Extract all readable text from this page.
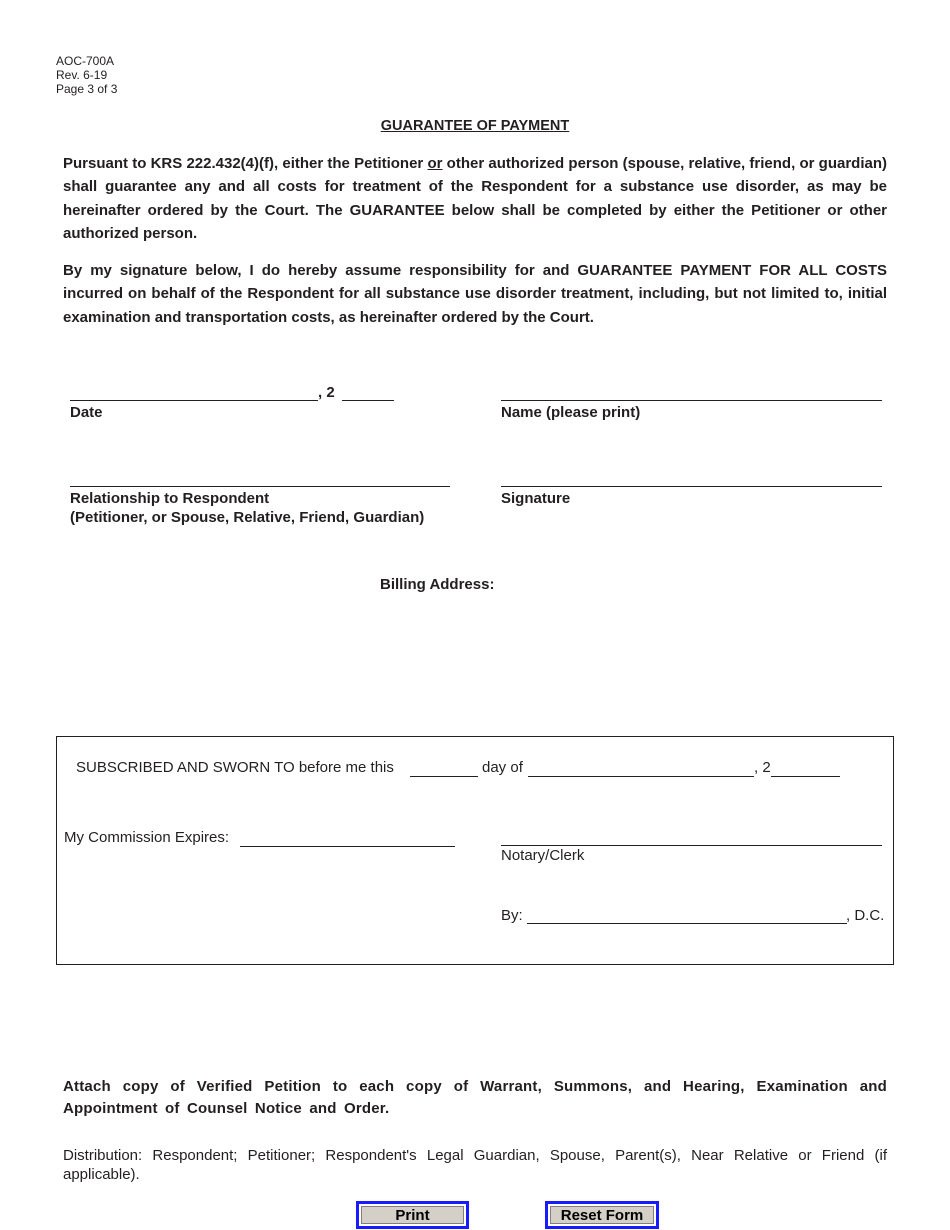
AOC-700A
Rev. 6-19
Page 3 of 3
GUARANTEE OF PAYMENT
Pursuant to KRS 222.432(4)(f), either the Petitioner or other authorized person (spouse, relative, friend, or guardian) shall guarantee any and all costs for treatment of the Respondent for a substance use disorder, as may be hereinafter ordered by the Court. The GUARANTEE below shall be completed by either the Petitioner or other authorized person.
By my signature below, I do hereby assume responsibility for and GUARANTEE PAYMENT FOR ALL COSTS incurred on behalf of the Respondent for all substance use disorder treatment, including, but not limited to, initial examination and transportation costs, as hereinafter ordered by the Court.
, 2
Date	Name (please print)
Relationship to Respondent
(Petitioner, or Spouse, Relative, Friend, Guardian)
Signature
Billing Address:
SUBSCRIBED AND SWORN TO before me this	day of	, 2
My Commission Expires:
Notary/Clerk
By:	, D.C.
Attach copy of Verified Petition to each copy of Warrant, Summons, and Hearing, Examination and Appointment of Counsel Notice and Order.
Distribution: Respondent; Petitioner; Respondent's Legal Guardian, Spouse, Parent(s), Near Relative or Friend (if applicable).
Print	Reset Form
